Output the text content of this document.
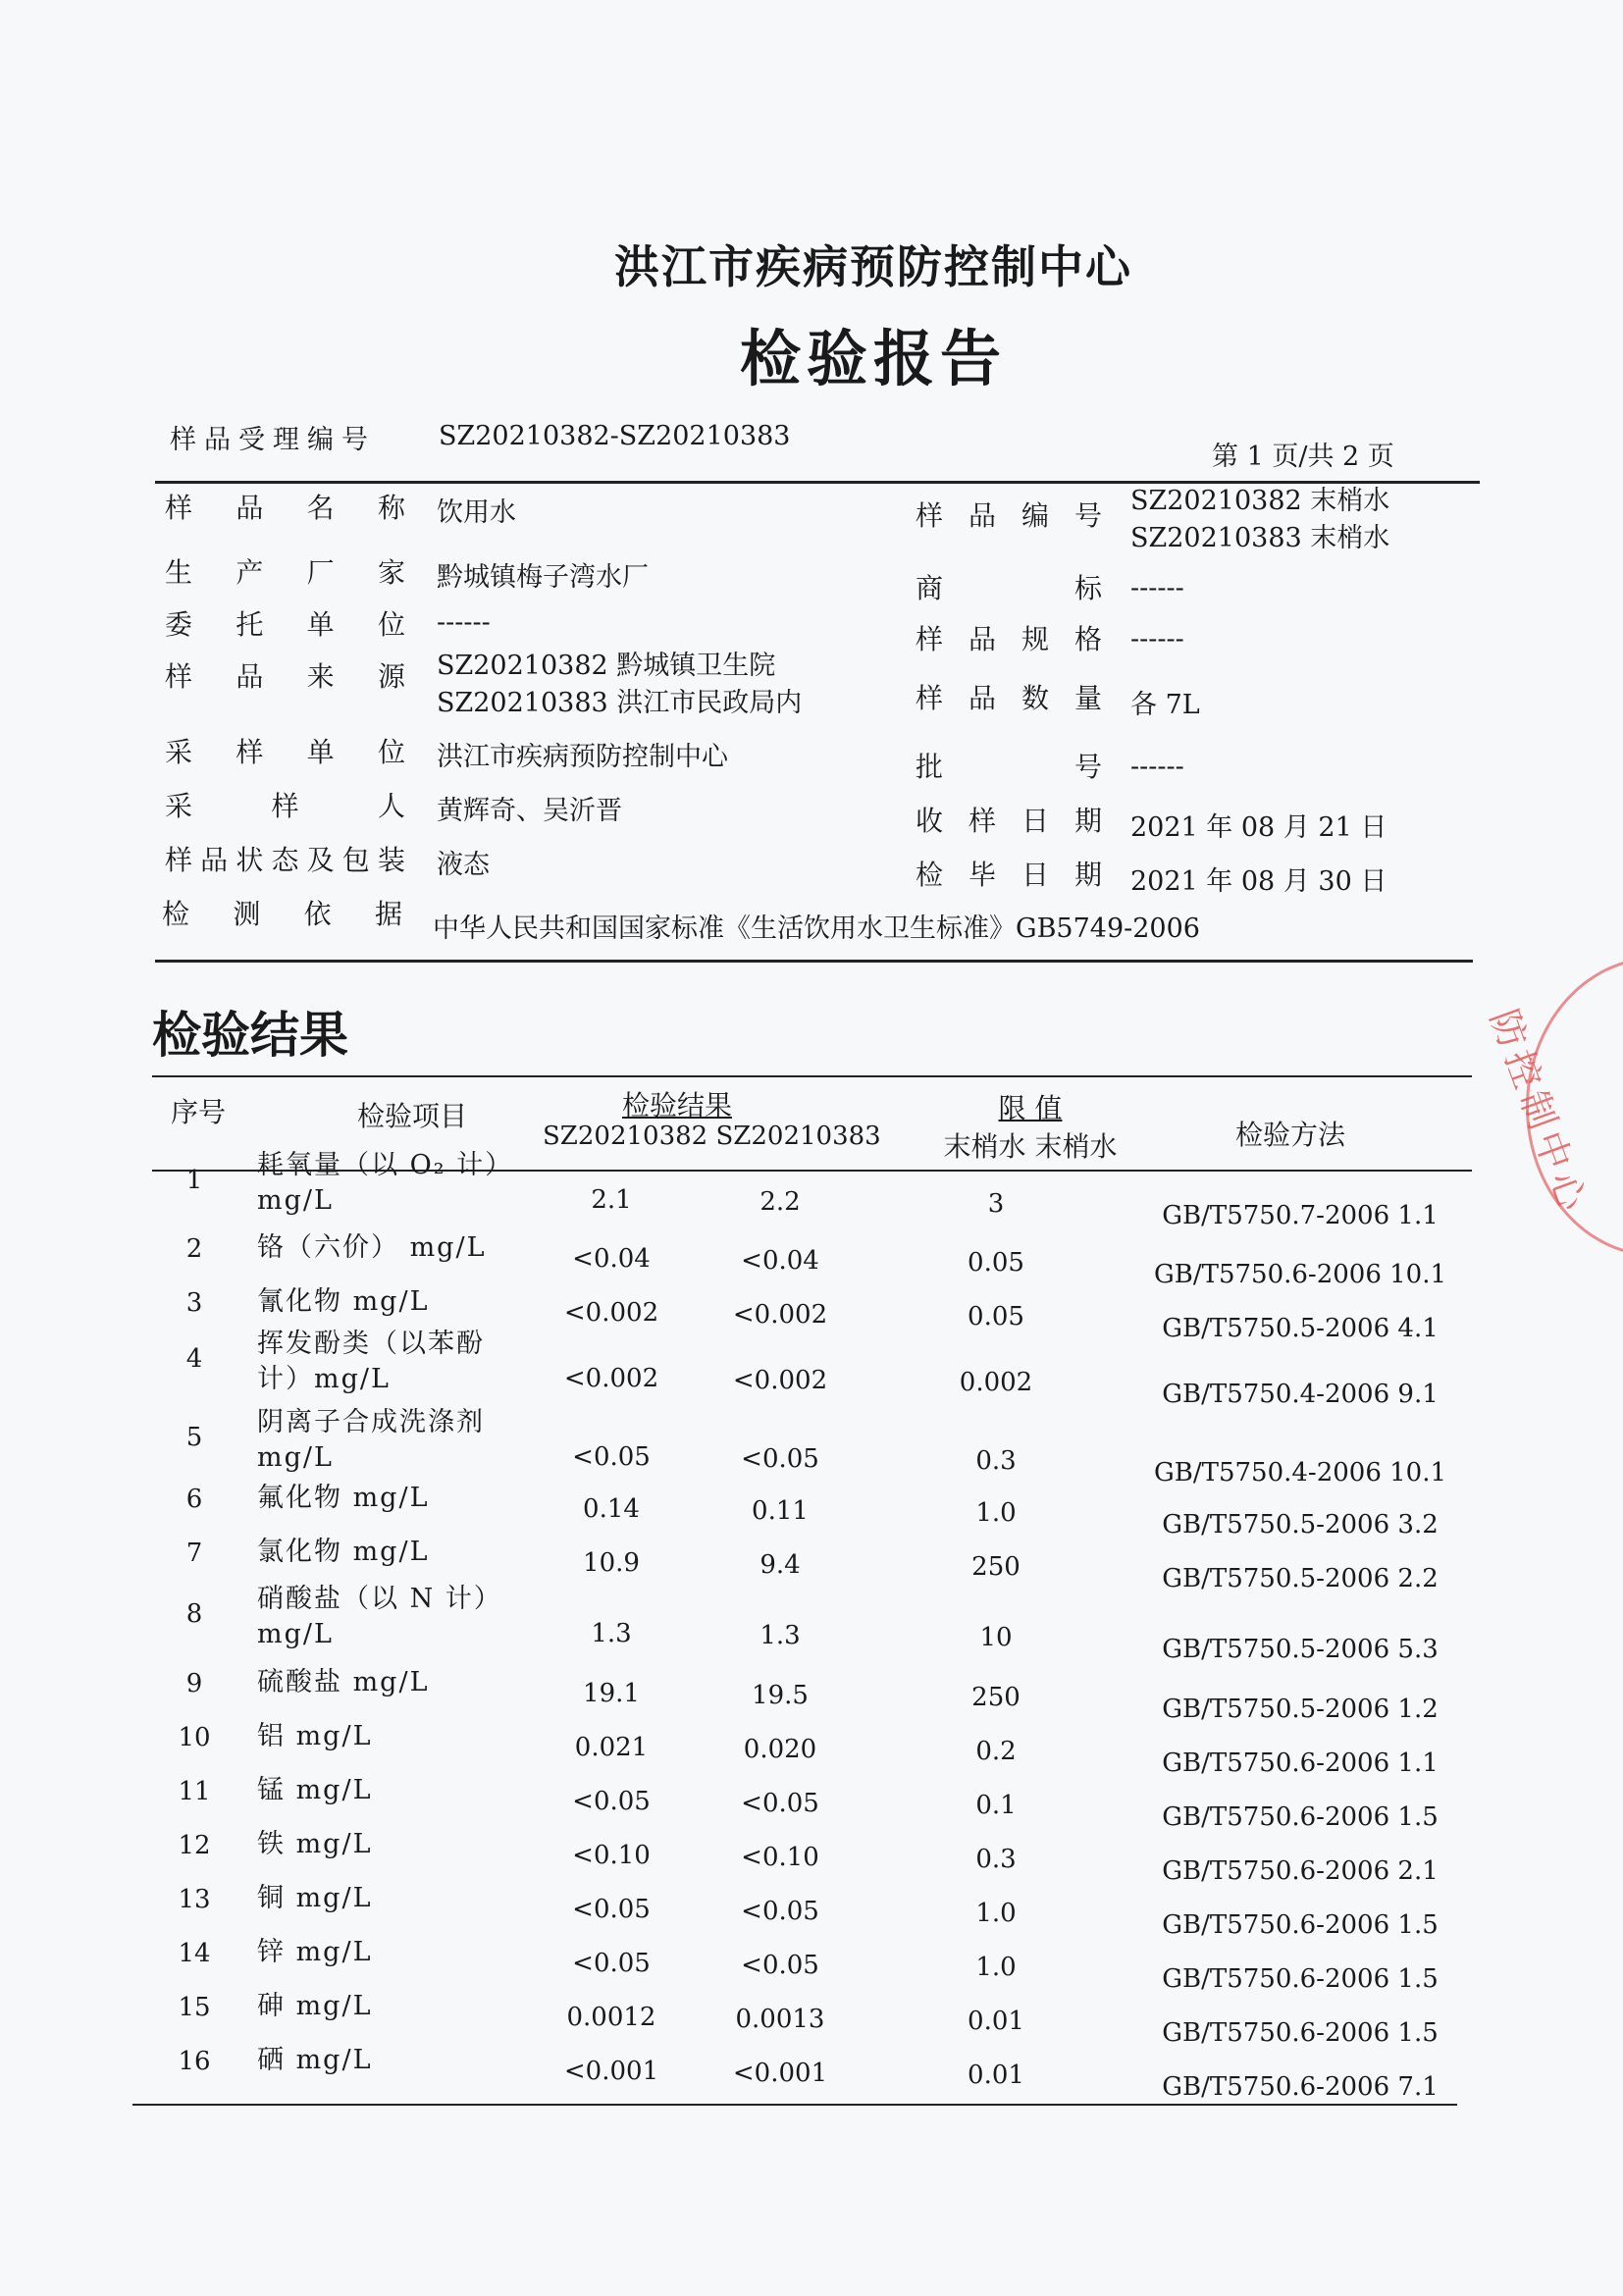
洪江市疾病预防控制中心
检验报告
样品受理编号 SZ20210382-SZ20210383
第 1 页/共 2 页
样 品 名 称 饮用水
生 产 厂 家 黔城镇梅子湾水厂
委 托 单 位 ------
样 品 来 源 SZ20210382 黔城镇卫生院
SZ20210383 洪江市民政局内
采 样 单 位 洪江市疾病预防控制中心
采	样	人 黄辉奇、吴沂晋
样 品 状 态 及 包 装 液态
样 品 编 号 SZ20210382 末梢水
SZ20210383 末梢水
商	标 ------
样 品 规 格 ------
样 品 数 量 各 7L
批	号 ------
收 样 日 期 2021 年 08 月 21 日
检 毕 日 期 2021 年 08 月 30 日
检 测 依 据 中华人民共和国国家标准《生活饮用水卫生标准》GB5749-2006
检验结果
序号	检验项目	检验结果
SZ20210382 SZ20210383
限 值
末梢水 末梢水	检验方法
1	耗氧量（以 O₂ 计）
mg/L	2.1	2.2	3	GB/T5750.7-2006 1.1
2	铬（六价） mg/L	<0.04	<0.04	0.05	GB/T5750.6-2006 10.1
3	氰化物 mg/L	<0.002	<0.002	0.05	GB/T5750.5-2006 4.1
4	挥发酚类（以苯酚
计）mg/L	<0.002	<0.002	0.002	GB/T5750.4-2006 9.1
5	阴离子合成洗涤剂
mg/L	<0.05	<0.05	0.3	GB/T5750.4-2006 10.1
6	氟化物 mg/L	0.14	0.11	1.0	GB/T5750.5-2006 3.2
7	氯化物 mg/L	10.9	9.4	250	GB/T5750.5-2006 2.2
8	硝酸盐（以 N 计）
mg/L	1.3	1.3	10	GB/T5750.5-2006 5.3
9	硫酸盐 mg/L	19.1	19.5	250	GB/T5750.5-2006 1.2
10	铝 mg/L	0.021	0.020	0.2	GB/T5750.6-2006 1.1
11	锰 mg/L	<0.05	<0.05	0.1	GB/T5750.6-2006 1.5
12	铁 mg/L	<0.10	<0.10	0.3	GB/T5750.6-2006 2.1
13	铜 mg/L	<0.05	<0.05	1.0	GB/T5750.6-2006 1.5
14	锌 mg/L	<0.05	<0.05	1.0	GB/T5750.6-2006 1.5
15	砷 mg/L	0.0012	0.0013	0.01	GB/T5750.6-2006 1.5
16	硒 mg/L	<0.001	<0.001	0.01	GB/T5750.6-2006 7.1
防控制中心
